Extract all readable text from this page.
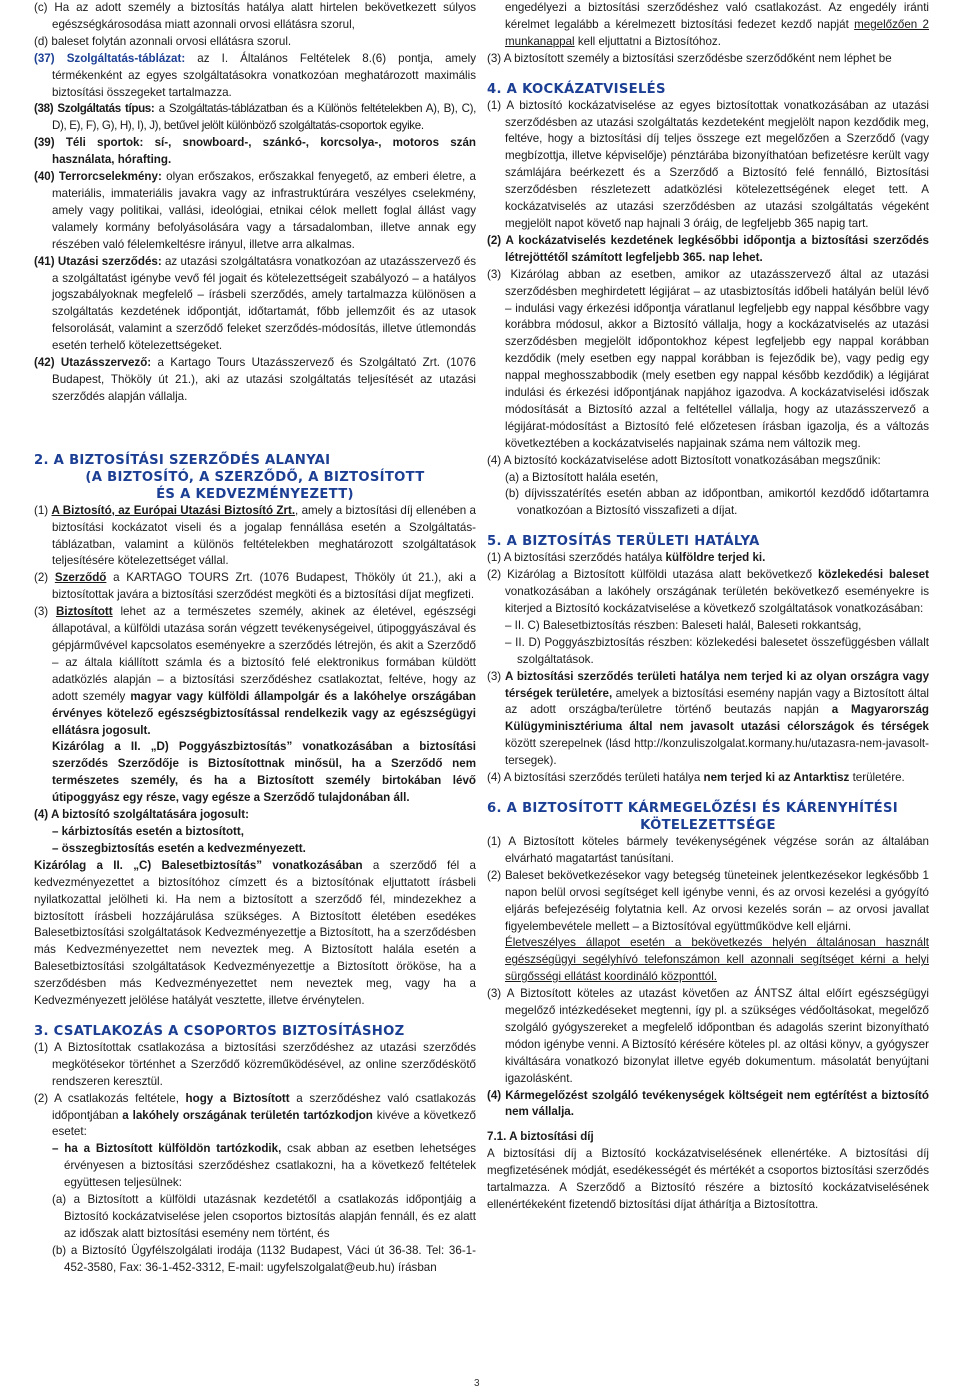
(c) Ha az adott személy a biztosítás hatálya alatt hirtelen bekövetkezett súlyos egészségkárosodása miatt azonnali orvosi ellátásra szorul,

(d) baleset folytán azonnali orvosi ellátásra szorul.

(37) Szolgáltatás-táblázat: az I. Általános Feltételek 8.(6) pontja, amely térmékenként az egyes szolgáltatásokra vonatkozóan meghatározott maximális biztosítási összegeket tartalmazza.

(38) Szolgáltatás típus: a Szolgáltatás-táblázatban és a Különös feltételekben A), B), C), D), E), F), G), H), I), J), betűvel jelölt különböző szolgáltatás-csoportok egyike.

(39) Téli sportok: sí-, snowboard-, szánkó-, korcsolya-, motoros szán használata, hórafting.

(40) Terrorcselekmény: olyan erőszakos, erőszakkal fenyegető, az emberi életre, a materiális, immateriális javakra vagy az infrastruktúrára veszélyes cselekmény, amely vagy politikai, vallási, ideológiai, etnikai célok mellett foglal állást vagy valamely kormány befolyásolására vagy a társadalomban, illetve annak egy részében való félelemkeltésre irányul, illetve arra alkalmas.

(41) Utazási szerződés: az utazási szolgáltatásra vonatkozóan az utazásszervező és a szolgáltatást igénybe vevő fél jogait és kötelezettségeit szabályozó – a hatályos jogszabályoknak megfelelő – írásbeli szerződés, amely tartalmazza különösen a szolgáltatás kezdetének időpontját, időtartamát, főbb jellemzőit és az utasok felsorolását, valamint a szerződő feleket szerződés-módosítás, illetve útlemondás esetén terhelő kötelezettségeket.

(42) Utazásszervező: a Kartago Tours Utazásszervező és Szolgáltató Zrt. (1076 Budapest, Thököly út 21.), aki az utazási szolgáltatás teljesítését az utazási szerződés alapján vállalja.

2. A BIZTOSÍTÁSI SZERZŐDÉS ALANYAI

(A BIZTOSÍTÓ, A SZERZŐDŐ, A BIZTOSÍTOTT

ÉS A KEDVEZMÉNYEZETT)

(1) A Biztosító, az Európai Utazási Biztosító Zrt., amely a biztosítási díj ellenében a biztosítási kockázatot viseli és a jogalap fennállása esetén a Szolgáltatás-táblázatban, valamint a különös feltételekben meghatározott szolgáltatások teljesítésére kötelezettséget vállal.

(2) Szerződő a KARTAGO TOURS Zrt. (1076 Budapest, Thököly út 21.), aki a biztosítottak javára a biztosítási szerződést megköti és a biztosítási díjat megfizeti.

(3) Biztosított lehet az a természetes személy, akinek az életével, egészségi állapotával, a külföldi utazása során végzett tevékenységeivel, útipoggyászával és gépjárművével kapcsolatos eseményekre a szerződés létrejön, és akit a Szerződő – az általa kiállított számla és a biztosító felé elektronikus formában küldött adatközlés alapján – a biztosítási szerződéshez csatlakoztat, feltéve, hogy az adott személy magyar vagy külföldi állampolgár és a lakóhelye országában érvényes kötelező egészségbiztosítással rendelkezik vagy az egészségügyi ellátásra jogosult.

Kizárólag a II. „D) Poggyászbiztosítás” vonatkozásában a biztosítási szerződés Szerződője is Biztosítottnak minősül, ha a Szerződő nem természetes személy, és ha a Biztosított személy birtokában lévő útipoggyász egy része, vagy egésze a Szerződő tulajdonában áll.

(4) A biztosító szolgáltatására jogosult:

– kárbiztosítás esetén a biztosított,

– összegbiztosítás esetén a kedvezményezett.

Kizárólag a II. „C) Balesetbiztosítás” vonatkozásában a szerződő fél a kedvezményezettet a biztosítóhoz címzett és a biztosítónak eljuttatott írásbeli nyilatkozattal jelölheti ki. Ha nem a biztosított a szerződő fél, mindezekhez a biztosított írásbeli hozzájárulása szükséges. A Biztosított életében esedékes Balesetbiztosítási szolgáltatások Kedvezményezettje a Biztosított, ha a szerződésben más Kedvezményezettet nem neveztek meg. A Biztosított halála esetén a Balesetbiztosítási szolgáltatások Kedvezményezettje a Biztosított örököse, ha a szerződésben más Kedvezményezettet nem neveztek meg, vagy ha a Kedvezményezett jelölése hatályát vesztette, illetve érvénytelen.

3. CSATLAKOZÁS A CSOPORTOS BIZTOSÍTÁSHOZ

(1) A Biztosítottak csatlakozása a biztosítási szerződéshez az utazási szerződés megkötésekor történhet a Szerződő közreműködésével, az online szerződéskötő rendszeren keresztül.

(2) A csatlakozás feltétele, hogy a Biztosított a szerződéshez való csatlakozás időpontjában a lakóhely országának területén tartózkodjon kivéve a következő esetet:

– ha a Biztosított külföldön tartózkodik, csak abban az esetben lehetséges érvényesen a biztosítási szerződéshez csatlakozni, ha a következő feltételek együttesen teljesülnek:

(a) a Biztosított a külföldi utazásnak kezdetétől a csatlakozás időpontjáig a Biztosító kockázatviselése jelen csoportos biztosítás alapján fennáll, és ez alatt az időszak alatt biztosítási esemény nem történt, és

(b) a Biztosító Ügyfélszolgálati irodája (1132 Budapest, Váci út 36-38. Tel: 36-1-452-3580, Fax: 36-1-452-3312, E-mail: ugyfelszolgalat@eub.hu) írásban

engedélyezi a biztosítási szerződéshez való csatlakozást. Az engedély iránti kérelmet legalább a kérelmezett biztosítási fedezet kezdő napját megelőzően 2 munkanappal kell eljuttatni a Biztosítóhoz.

(3) A biztosított személy a biztosítási szerződésbe szerződőként nem léphet be

4. A KOCKÁZATVISELÉS

(1) A biztosító kockázatviselése az egyes biztosítottak vonatkozásában az utazási szerződésben az utazási szolgáltatás kezdeteként megjelölt napon kezdődik meg, feltéve, hogy a biztosítási díj teljes összege ezt megelőzően a Szerződő (vagy megbízottja, illetve képviselője) pénztárába bizonyíthatóan befizetésre került vagy számlájára beérkezett és a Szerződő a Biztosító felé fennálló, Biztosítási szerződésben részletezett adatközlési kötelezettségének eleget tett. A kockázatviselés az utazási szerződésben az utazási szolgáltatás végeként megjelölt napot követő nap hajnali 3 óráig, de legfeljebb 365 napig tart.

(2) A kockázatviselés kezdetének legkésőbbi időpontja a biztosítási szerződés létrejöttétől számított legfeljebb 365. nap lehet.

(3) Kizárólag abban az esetben, amikor az utazásszervező által az utazási szerződésben meghirdetett légijárat – az utasbiztosítás időbeli hatályán belül lévő – indulási vagy érkezési időpontja váratlanul legfeljebb egy nappal későbbre vagy korábbra módosul, akkor a Biztosító vállalja, hogy a kockázatviselés az utazási szerződésben megjelölt időpontokhoz képest legfeljebb egy nappal korábban kezdődik (mely esetben egy nappal korábban is fejeződik be), vagy pedig egy nappal meghosszabbodik (mely esetben egy nappal később kezdődik) a légijárat indulási és érkezési időpontjának napjához igazodva. A kockázatviselési időszak módosítását a Biztosító azzal a feltétellel vállalja, hogy az utazásszervező a légijárat-módosítást a Biztosító felé előzetesen írásban igazolja, és a változás következtében a kockázatviselés napjainak száma nem változik meg.

(4) A biztosító kockázatviselése adott Biztosított vonatkozásában megszűnik:

(a) a Biztosított halála esetén,

(b) díjvisszatérítés esetén abban az időpontban, amikortól kezdődő időtartamra vonatkozóan a Biztosító visszafizeti a díjat.

5. A BIZTOSÍTÁS TERÜLETI HATÁLYA

(1) A biztosítási szerződés hatálya külföldre terjed ki.

(2) Kizárólag a Biztosított külföldi utazása alatt bekövetkező közlekedési baleset vonatkozásában a lakóhely országának területén bekövetkező eseményekre is kiterjed a Biztosító kockázatviselése a következő szolgáltatások vonatkozásában:

– II. C) Balesetbiztosítás részben: Baleseti halál, Baleseti rokkantság,

– II. D) Poggyászbiztosítás részben: közlekedési balesetet összefüggésben vállalt szolgáltatások.

(3) A biztosítási szerződés területi hatálya nem terjed ki az olyan országra vagy térségek területére, amelyek a biztosítási esemény napján vagy a Biztosított által az adott országba/területre történő beutazás napján a Magyarország Külügyminisztériuma által nem javasolt utazási célországok és térségek között szerepelnek (lásd http://konzuliszolgalat.kormany.hu/utazasra-nem-javasolt-tersegek).

(4) A biztosítási szerződés területi hatálya nem terjed ki az Antarktisz területére.

6. A BIZTOSÍTOTT KÁRMEGELŐZÉSI ÉS KÁRENYHÍTÉSI

KÖTELEZETTSÉGE

(1) A Biztosított köteles bármely tevékenységének végzése során az általában elvárható magatartást tanúsítani.

(2) Baleset bekövetkezésekor vagy betegség tüneteinek jelentkezésekor legkésőbb 1 napon belül orvosi segítséget kell igénybe venni, és az orvosi kezelési a gyógyító eljárás befejezéséig folytatnia kell. Az orvosi kezelés során – az orvosi javallat figyelembevétele mellett – a Biztosítóval együttműködve kell eljárni.

Életveszélyes állapot esetén a bekövetkezés helyén általánosan használt egészségügyi segélyhívó telefonszámon kell azonnali segítséget kérni a helyi sürgősségi ellátást koordináló központtól.

(3) A Biztosított köteles az utazást követően az ÁNTSZ által előírt egészségügyi megelőző intézkedéseket megtenni, így pl. a szükséges védőoltásokat, megelőző szolgáló gyógyszereket a megfelelő időpontban és adagolás szerint bizonyítható módon igénybe venni. A Biztosító kérésére köteles pl. az oltási könyv, a gyógyszer kiváltására vonatkozó bizonylat illetve egyéb dokumentum. másolatát benyújtani igazolásként.

(4) Kármegelőzést szolgáló tevékenységek költségeit nem egtérítést a biztosító nem vállalja.

7.1. A biztosítási díj

A biztosítási díj a Biztosító kockázatviselésének ellenértéke. A biztosítási díj megfizetésének módját, esedékességét és mértékét a csoportos biztosítási szerződés tartalmazza. A Szerződő a Biztosító részére a biztosító kockázatviselésének ellenértékeként fizetendő biztosítási díjat áthárítja a Biztosítottra.

3
